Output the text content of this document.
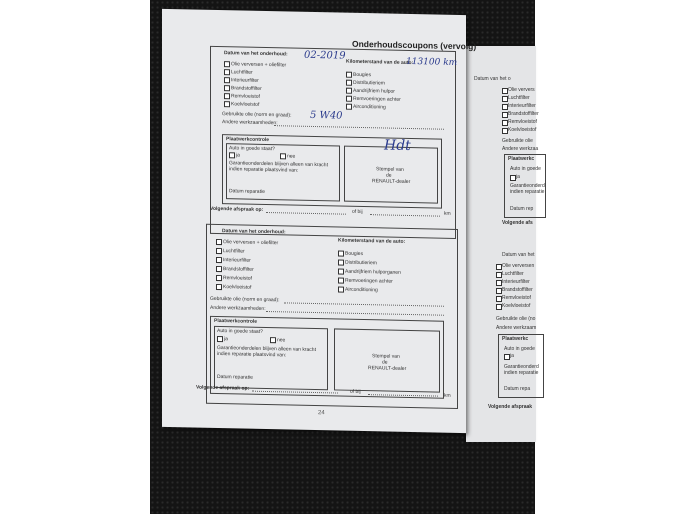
Datum van het o
Olie ververs
Luchtfilter
Interieurfilter
Brandstoffilter
Remvloeistof
Koelvloeistof
Gebruikte olie
Andere werkzaa
Plaatwerkc
Auto in goede
ja
Garantieonderd
indien reparatie
Datum rep
Volgende afs
Datum van het
Olie verversen
Luchtfilter
Interieurfilter
Brandstoffilter
Remvloeistof
Koelvloeistof
Gebruikte olie (no
Andere werkzaam
Plaatwerkc
Auto in goede
ja
Garantieonderd
indien reparatie
Datum repa
Volgende afspraak
Onderhoudscoupons (vervolg)
Datum van het onderhoud: 02-2019
Kilometerstand van de auto:
113100 km
Olie verversen + oliefilter
Luchtfilter
Interieurfilter
Brandstoffilter
Remvloeistof
Koelvloeistof
Bougies
Distributieriem
Aandrijfriem hulpor
Remvoeringen achter
Airconditioning
Gebruikte olie (norm en graad): 5 W40
Andere werkzaamheden:
Plaatwerkcontrole
Auto in goede staat?
ja	nee
Garantieonderdelen blijven alleen van kracht indien reparatie plaatsvind van:
Datum reparatie
Stempel van
de
RENAULT-dealer
Hdt
Volgende afspraak op:	of bij	km
Datum van het onderhoud:
Kilometerstand van de auto:
Olie verversen + oliefilter
Luchtfilter
Interieurfilter
Brandstoffilter
Remvloeistof
Koelvloeistof
Bougies
Distributieriem
Aandrijfriem hulporganen
Remvoeringen achter
Airconditioning
Gebruikte olie (norm en graad):
Andere werkzaamheden:
Plaatwerkcontrole
Auto in goede staat?
ja	nee
Garantieonderdelen blijven alleen van kracht indien reparatie plaatsvind van:
Datum reparatie
Stempel van
de
RENAULT-dealer
Volgende afspraak op:
of bij
km
24
